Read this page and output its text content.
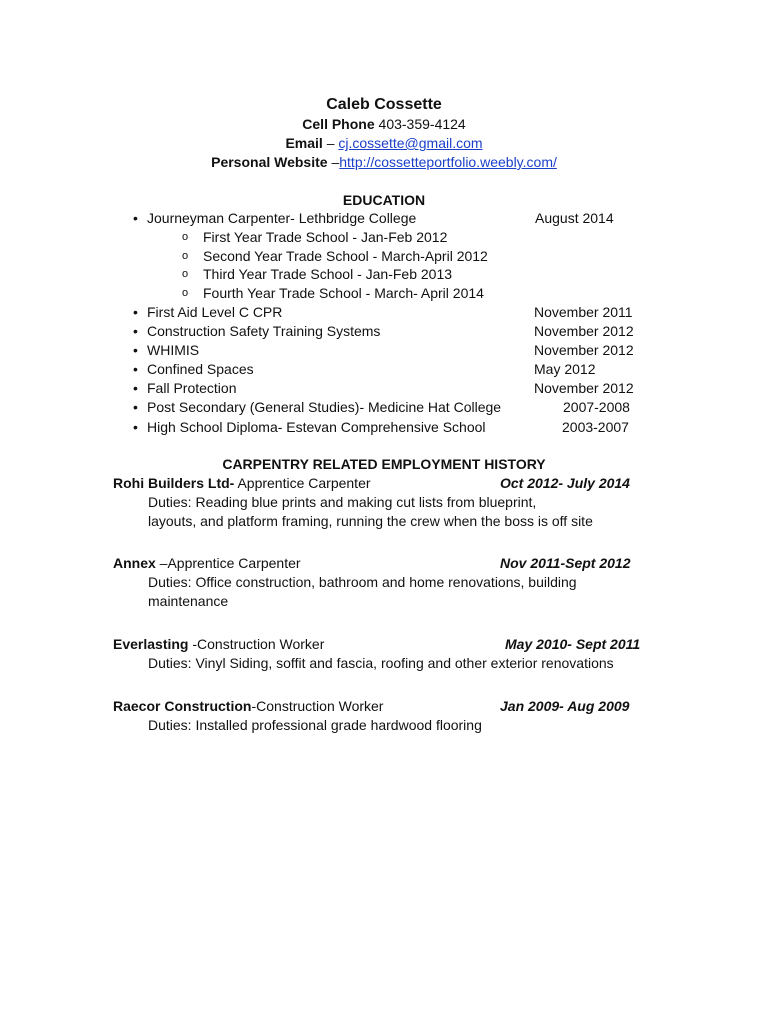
Caleb Cossette
Cell Phone 403-359-4124
Email – cj.cossette@gmail.com
Personal Website –http://cossetteportfolio.weebly.com/
EDUCATION
• Journeyman Carpenter- Lethbridge College	August 2014
o First Year Trade School - Jan-Feb 2012
o Second Year Trade School - March-April 2012
o Third Year Trade School - Jan-Feb 2013
o Fourth Year Trade School - March- April 2014
• First Aid Level C CPR	November 2011
• Construction Safety Training Systems	November 2012
• WHIMIS	November 2012
• Confined Spaces	May 2012
• Fall Protection	November 2012
• Post Secondary (General Studies)- Medicine Hat College	2007-2008
• High School Diploma- Estevan Comprehensive School	2003-2007
CARPENTRY RELATED EMPLOYMENT HISTORY
Rohi Builders Ltd- Apprentice Carpenter	Oct 2012- July 2014
Duties: Reading blue prints and making cut lists from blueprint,
layouts, and platform framing, running the crew when the boss is off site
Annex –Apprentice Carpenter	Nov 2011-Sept 2012
Duties: Office construction, bathroom and home renovations, building
maintenance
Everlasting -Construction Worker	May 2010- Sept 2011
Duties: Vinyl Siding, soffit and fascia, roofing and other exterior renovations
Raecor Construction-Construction Worker	Jan 2009- Aug 2009
Duties: Installed professional grade hardwood flooring
